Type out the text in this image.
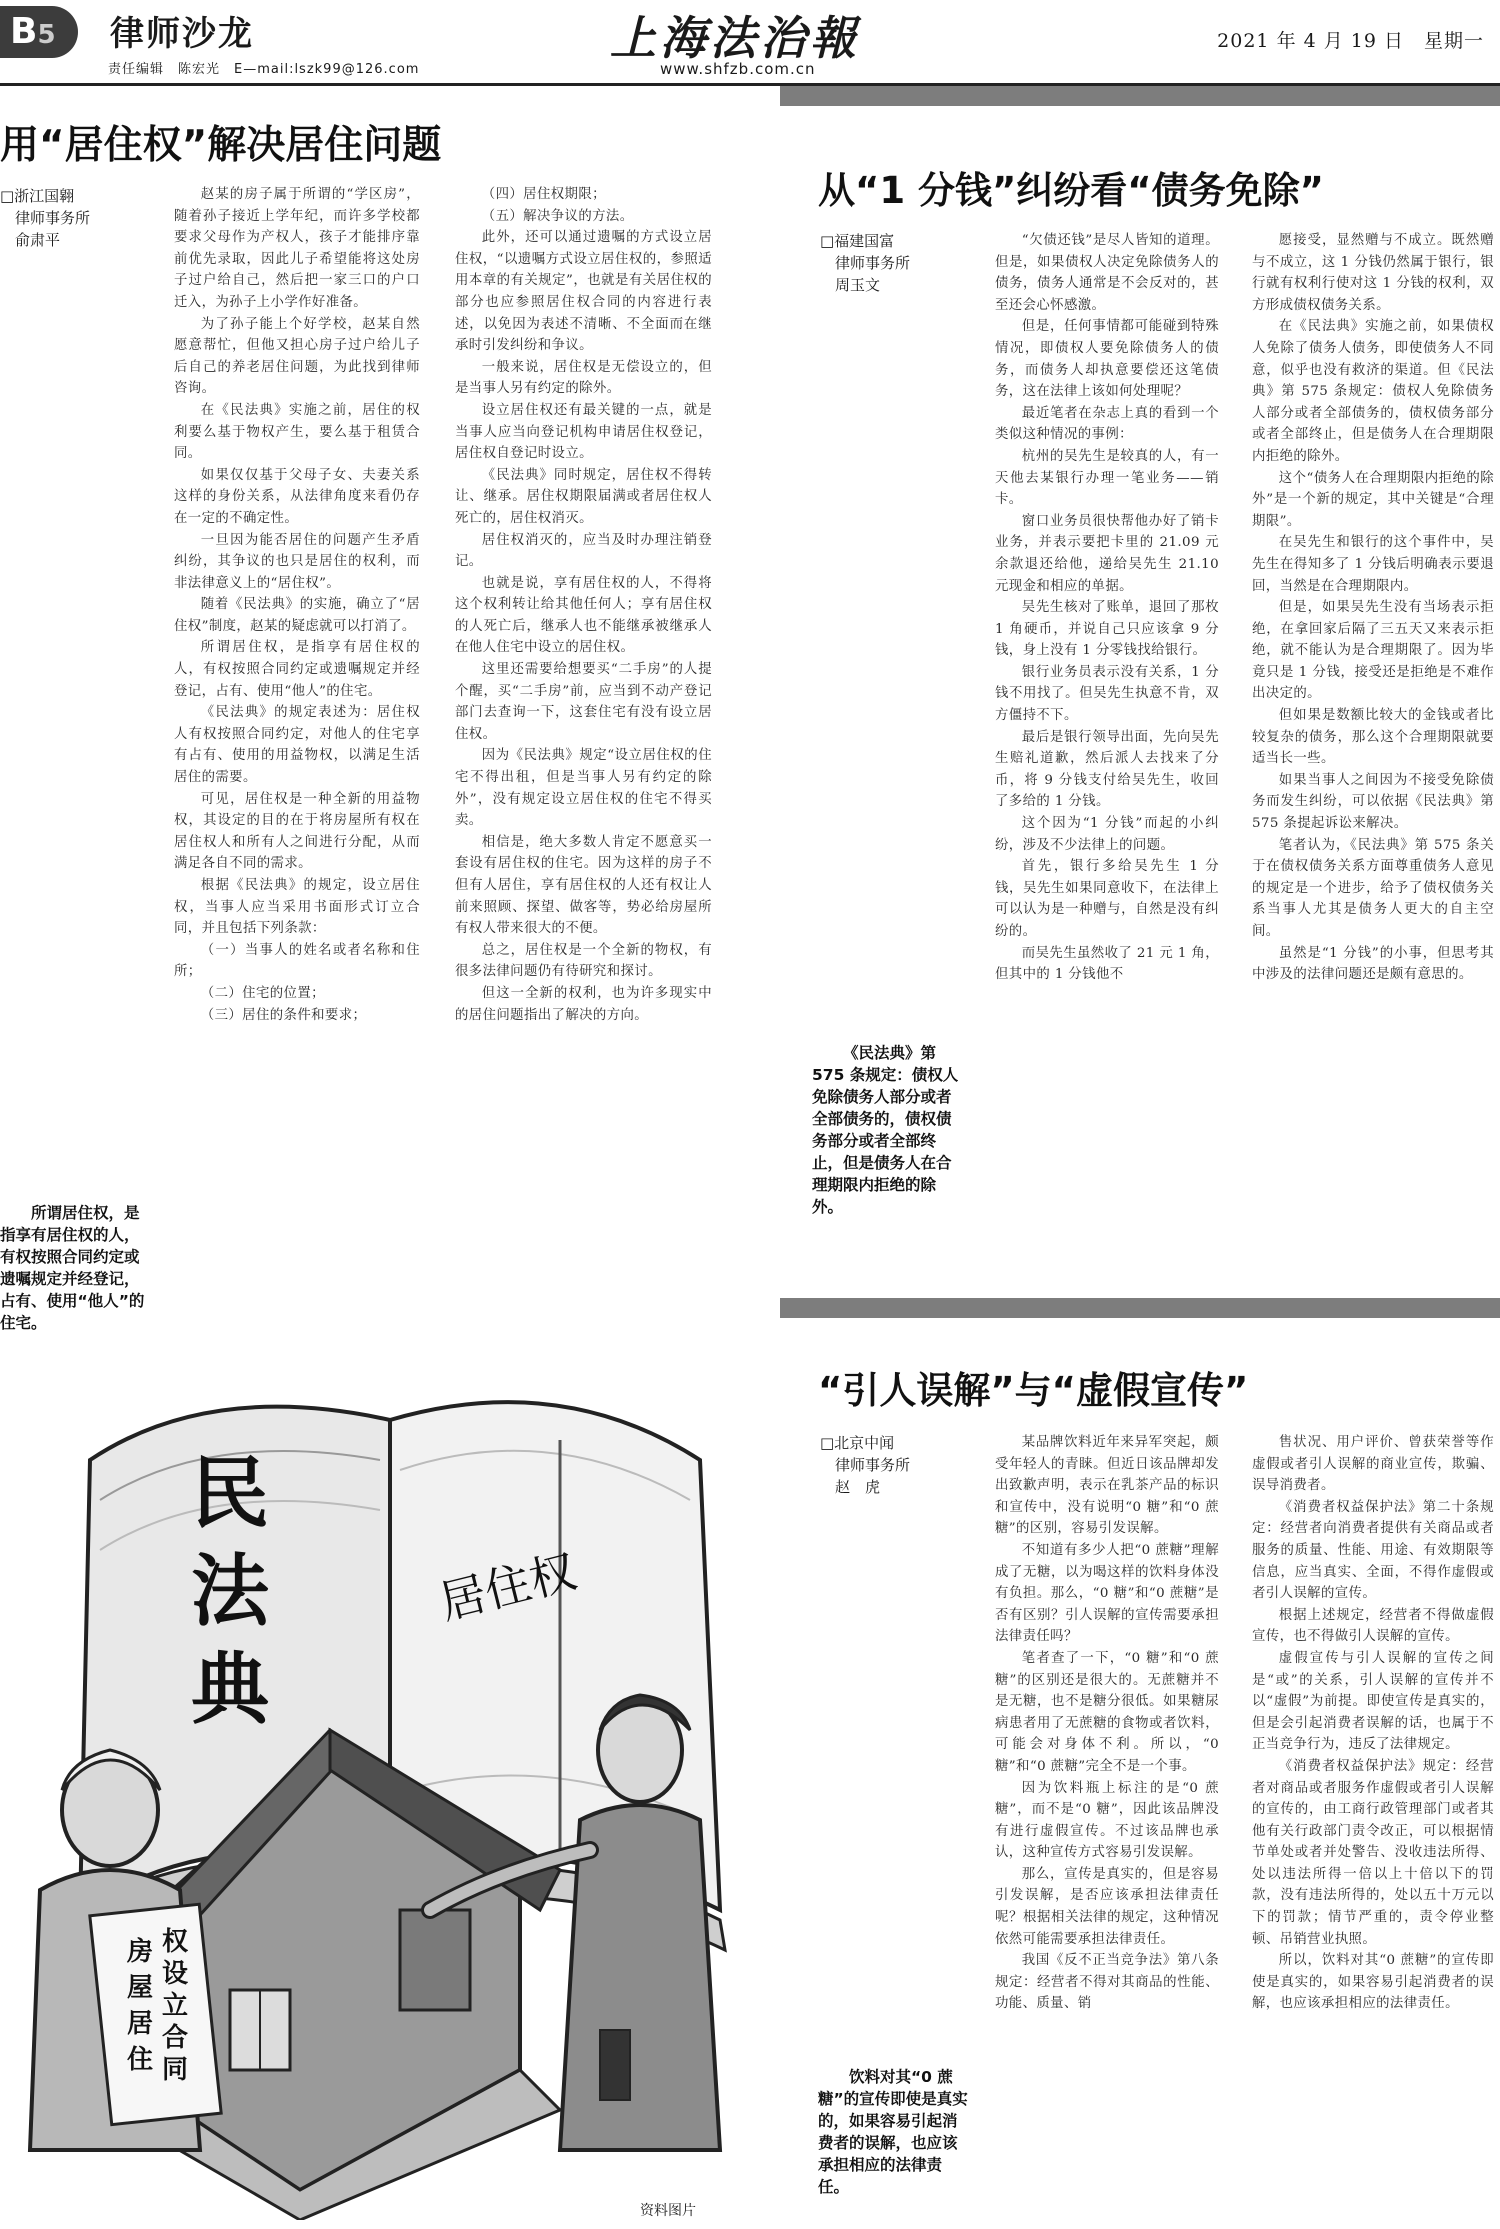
B5	律师沙龙
责任编辑　陈宏光　E—mail:lszk99@126.com
上海法治報
www.shfzb.com.cn
2021 年 4 月 19 日　星期一
用“居住权”解决居住问题
□浙江国翱
律师事务所
俞肃平
所谓居住权，是指享有居住权的人，有权按照合同约定或遗嘱规定并经登记，占有、使用“他人”的住宅。

赵某的房子属于所谓的“学区房”，随着孙子接近上学年纪，而许多学校都要求父母作为产权人，孩子才能排序靠前优先录取，因此儿子希望能将这处房子过户给自己，然后把一家三口的户口迁入，为孙子上小学作好准备。

为了孙子能上个好学校，赵某自然愿意帮忙，但他又担心房子过户给儿子后自己的养老居住问题，为此找到律师咨询。

在《民法典》实施之前，居住的权利要么基于物权产生，要么基于租赁合同。

如果仅仅基于父母子女、夫妻关系这样的身份关系，从法律角度来看仍存在一定的不确定性。

一旦因为能否居住的问题产生矛盾纠纷，其争议的也只是居住的权利，而非法律意义上的“居住权”。

随着《民法典》的实施，确立了“居住权”制度，赵某的疑虑就可以打消了。

所谓居住权，是指享有居住权的人，有权按照合同约定或遗嘱规定并经登记，占有、使用“他人”的住宅。

《民法典》的规定表述为：居住权人有权按照合同约定，对他人的住宅享有占有、使用的用益物权，以满足生活居住的需要。

可见，居住权是一种全新的用益物权，其设定的目的在于将房屋所有权在居住权人和所有人之间进行分配，从而满足各自不同的需求。

根据《民法典》的规定，设立居住权，当事人应当采用书面形式订立合同，并且包括下列条款：

（一）当事人的姓名或者名称和住所；

（二）住宅的位置；

（三）居住的条件和要求；

（四）居住权期限；

（五）解决争议的方法。

此外，还可以通过遗嘱的方式设立居住权，“以遗嘱方式设立居住权的，参照适用本章的有关规定”，也就是有关居住权的部分也应参照居住权合同的内容进行表述，以免因为表述不清晰、不全面而在继承时引发纠纷和争议。

一般来说，居住权是无偿设立的，但是当事人另有约定的除外。

设立居住权还有最关键的一点，就是当事人应当向登记机构申请居住权登记，居住权自登记时设立。

《民法典》同时规定，居住权不得转让、继承。居住权期限届满或者居住权人死亡的，居住权消灭。

居住权消灭的，应当及时办理注销登记。

也就是说，享有居住权的人，不得将这个权利转让给其他任何人；享有居住权的人死亡后，继承人也不能继承被继承人在他人住宅中设立的居住权。

这里还需要给想要买“二手房”的人提个醒，买“二手房”前，应当到不动产登记部门去查询一下，这套住宅有没有设立居住权。

因为《民法典》规定“设立居住权的住宅不得出租，但是当事人另有约定的除外”，没有规定设立居住权的住宅不得买卖。

相信是，绝大多数人肯定不愿意买一套设有居住权的住宅。因为这样的房子不但有人居住，享有居住权的人还有权让人前来照顾、探望、做客等，势必给房屋所有权人带来很大的不便。

总之，居住权是一个全新的物权，有很多法律问题仍有待研究和探讨。

但这一全新的权利，也为许多现实中的居住问题指出了解决的方向。

从“1 分钱”纠纷看“债务免除”
□福建国富
律师事务所
周玉文
《民法典》第 575 条规定：债权人免除债务人部分或者全部债务的，债权债务部分或者全部终止，但是债务人在合理期限内拒绝的除外。

“欠债还钱”是尽人皆知的道理。但是，如果债权人决定免除债务人的债务，债务人通常是不会反对的，甚至还会心怀感激。

但是，任何事情都可能碰到特殊情况，即债权人要免除债务人的债务，而债务人却执意要偿还这笔债务，这在法律上该如何处理呢？

最近笔者在杂志上真的看到一个类似这种情况的事例：

杭州的吴先生是较真的人，有一天他去某银行办理一笔业务——销卡。

窗口业务员很快帮他办好了销卡业务，并表示要把卡里的 21.09 元余款退还给他，递给吴先生 21.10 元现金和相应的单据。

吴先生核对了账单，退回了那枚 1 角硬币，并说自己只应该拿 9 分钱，身上没有 1 分零钱找给银行。

银行业务员表示没有关系，1 分钱不用找了。但吴先生执意不肯，双方僵持不下。

最后是银行领导出面，先向吴先生赔礼道歉，然后派人去找来了分币，将 9 分钱支付给吴先生，收回了多给的 1 分钱。

这个因为“1 分钱”而起的小纠纷，涉及不少法律上的问题。

首先，银行多给吴先生 1 分钱，吴先生如果同意收下，在法律上可以认为是一种赠与，自然是没有纠纷的。

而吴先生虽然收了 21 元 1 角，但其中的 1 分钱他不

愿接受，显然赠与不成立。既然赠与不成立，这 1 分钱仍然属于银行，银行就有权利行使对这 1 分钱的权利，双方形成债权债务关系。

在《民法典》实施之前，如果债权人免除了债务人债务，即使债务人不同意，似乎也没有救济的渠道。但《民法典》第 575 条规定：债权人免除债务人部分或者全部债务的，债权债务部分或者全部终止，但是债务人在合理期限内拒绝的除外。

这个“债务人在合理期限内拒绝的除外”是一个新的规定，其中关键是“合理期限”。

在吴先生和银行的这个事件中，吴先生在得知多了 1 分钱后明确表示要退回，当然是在合理期限内。

但是，如果吴先生没有当场表示拒绝，在拿回家后隔了三五天又来表示拒绝，就不能认为是合理期限了。因为毕竟只是 1 分钱，接受还是拒绝是不难作出决定的。

但如果是数额比较大的金钱或者比较复杂的债务，那么这个合理期限就要适当长一些。

如果当事人之间因为不接受免除债务而发生纠纷，可以依据《民法典》第 575 条提起诉讼来解决。

笔者认为，《民法典》第 575 条关于在债权债务关系方面尊重债务人意见的规定是一个进步，给予了债权债务关系当事人尤其是债务人更大的自主空间。

虽然是“1 分钱”的小事，但思考其中涉及的法律问题还是颇有意思的。

“引人误解”与“虚假宣传”
□北京中闻
律师事务所
赵　虎
饮料对其“0 蔗糖”的宣传即使是真实的，如果容易引起消费者的误解，也应该承担相应的法律责任。

某品牌饮料近年来异军突起，颇受年轻人的青睐。但近日该品牌却发出致歉声明，表示在乳茶产品的标识和宣传中，没有说明“0 糖”和“0 蔗糖”的区别，容易引发误解。

不知道有多少人把“0 蔗糖”理解成了无糖，以为喝这样的饮料身体没有负担。那么，“0 糖”和“0 蔗糖”是否有区别？引人误解的宣传需要承担法律责任吗？

笔者查了一下，“0 糖”和“0 蔗糖”的区别还是很大的。无蔗糖并不是无糖，也不是糖分很低。如果糖尿病患者用了无蔗糖的食物或者饮料，可能会对身体不利。所以，“0 糖”和“0 蔗糖”完全不是一个事。

因为饮料瓶上标注的是“0 蔗糖”，而不是“0 糖”，因此该品牌没有进行虚假宣传。不过该品牌也承认，这种宣传方式容易引发误解。

那么，宣传是真实的，但是容易引发误解，是否应该承担法律责任呢？根据相关法律的规定，这种情况依然可能需要承担法律责任。

我国《反不正当竞争法》第八条规定：经营者不得对其商品的性能、功能、质量、销

售状况、用户评价、曾获荣誉等作虚假或者引人误解的商业宣传，欺骗、误导消费者。

《消费者权益保护法》第二十条规定：经营者向消费者提供有关商品或者服务的质量、性能、用途、有效期限等信息，应当真实、全面，不得作虚假或者引人误解的宣传。

根据上述规定，经营者不得做虚假宣传，也不得做引人误解的宣传。

虚假宣传与引人误解的宣传之间是“或”的关系，引人误解的宣传并不以“虚假”为前提。即使宣传是真实的，但是会引起消费者误解的话，也属于不正当竞争行为，违反了法律规定。

《消费者权益保护法》规定：经营者对商品或者服务作虚假或者引人误解的宣传的，由工商行政管理部门或者其他有关行政部门责令改正，可以根据情节单处或者并处警告、没收违法所得、处以违法所得一倍以上十倍以下的罚款，没有违法所得的，处以五十万元以下的罚款；情节严重的，责令停业整顿、吊销营业执照。

所以，饮料对其“0 蔗糖”的宣传即使是真实的，如果容易引起消费者的误解，也应该承担相应的法律责任。

民
法
典
居住权
房
屋
居
住
权
设
立
合
同
资料图片
